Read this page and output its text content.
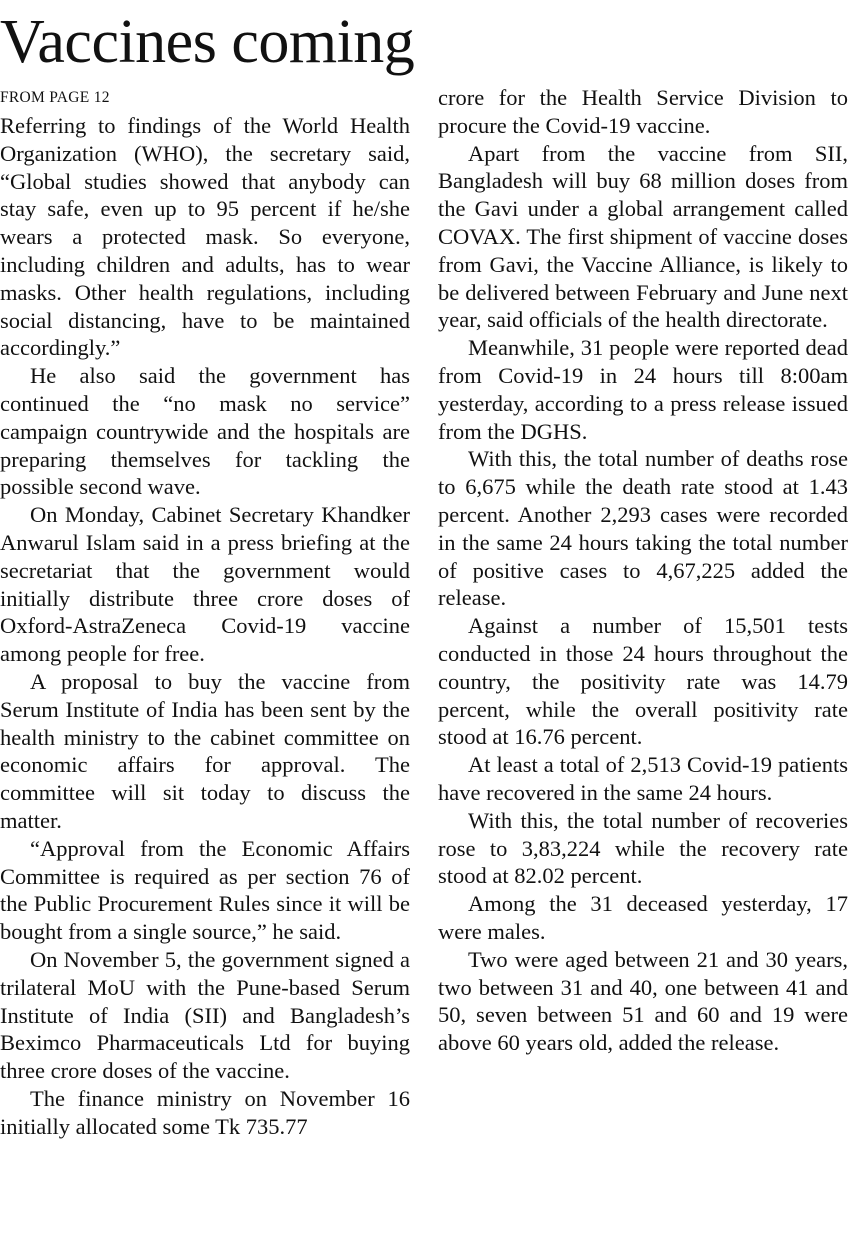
Vaccines coming
FROM PAGE 12

Referring to findings of the World Health Organization (WHO), the secretary said, “Global studies showed that anybody can stay safe, even up to 95 percent if he/she wears a protected mask. So everyone, including children and adults, has to wear masks. Other health regulations, including social distancing, have to be maintained accordingly.”

He also said the government has continued the “no mask no service” campaign countrywide and the hospitals are preparing themselves for tackling the possible second wave.

On Monday, Cabinet Secretary Khandker Anwarul Islam said in a press briefing at the secretariat that the government would initially distribute three crore doses of Oxford-AstraZeneca Covid-19 vaccine among people for free.

A proposal to buy the vaccine from Serum Institute of India has been sent by the health ministry to the cabinet committee on economic affairs for approval. The committee will sit today to discuss the matter.

“Approval from the Economic Affairs Committee is required as per section 76 of the Public Procurement Rules since it will be bought from a single source,” he said.

On November 5, the government signed a trilateral MoU with the Pune-based Serum Institute of India (SII) and Bangladesh’s Beximco Pharmaceuticals Ltd for buying three crore doses of the vaccine.

The finance ministry on November 16 initially allocated some Tk 735.77

crore for the Health Service Division to procure the Covid-19 vaccine.

Apart from the vaccine from SII, Bangladesh will buy 68 million doses from the Gavi under a global arrangement called COVAX. The first shipment of vaccine doses from Gavi, the Vaccine Alliance, is likely to be delivered between February and June next year, said officials of the health directorate.

Meanwhile, 31 people were reported dead from Covid-19 in 24 hours till 8:00am yesterday, according to a press release issued from the DGHS.

With this, the total number of deaths rose to 6,675 while the death rate stood at 1.43 percent. Another 2,293 cases were recorded in the same 24 hours taking the total number of positive cases to 4,67,225 added the release.

Against a number of 15,501 tests conducted in those 24 hours throughout the country, the positivity rate was 14.79 percent, while the overall positivity rate stood at 16.76 percent.

At least a total of 2,513 Covid-19 patients have recovered in the same 24 hours.

With this, the total number of recoveries rose to 3,83,224 while the recovery rate stood at 82.02 percent.

Among the 31 deceased yesterday, 17 were males.

Two were aged between 21 and 30 years, two between 31 and 40, one between 41 and 50, seven between 51 and 60 and 19 were above 60 years old, added the release.
